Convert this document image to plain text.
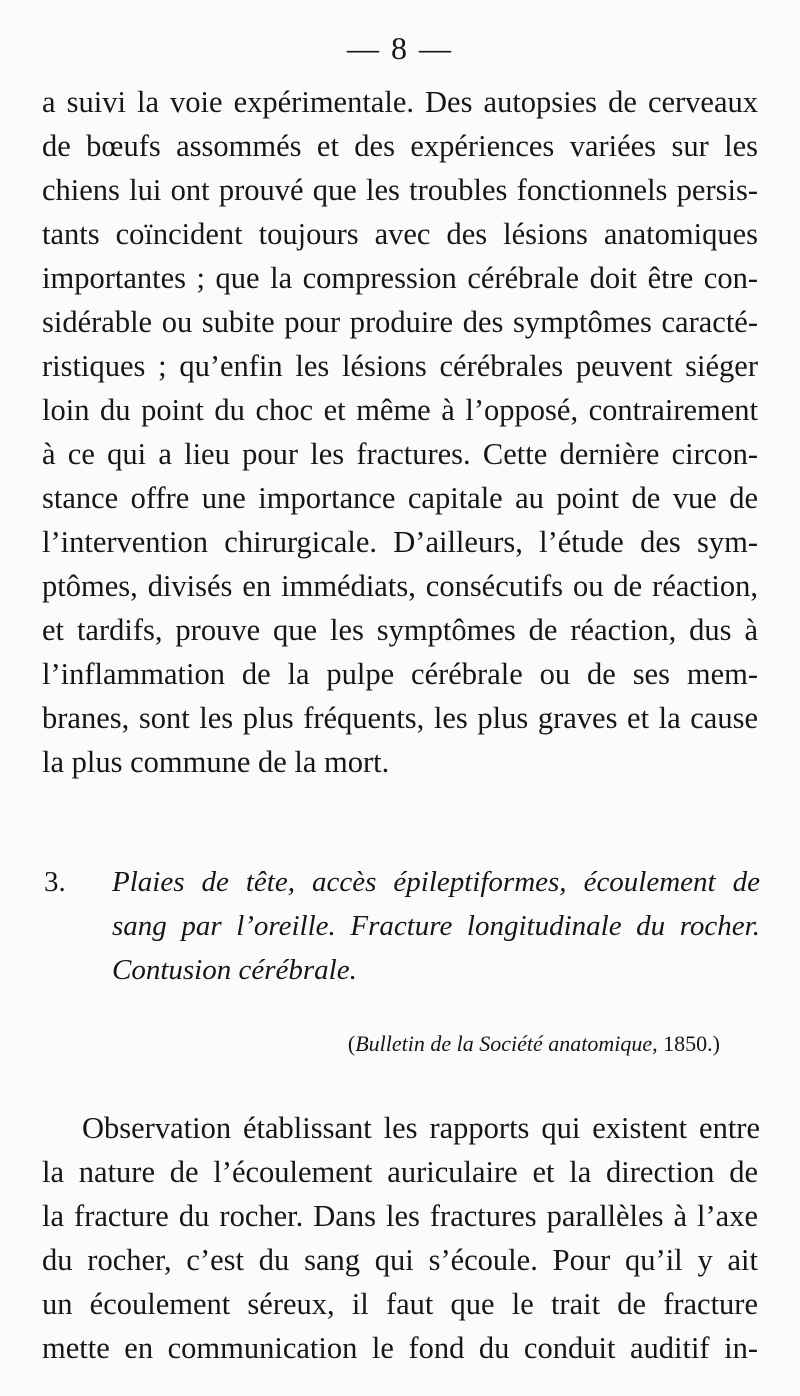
— 8 —
a suivi la voie expérimentale. Des autopsies de cerveaux
de bœufs assommés et des expériences variées sur les
chiens lui ont prouvé que les troubles fonctionnels persis-
tants coïncident toujours avec des lésions anatomiques
importantes ; que la compression cérébrale doit être con-
sidérable ou subite pour produire des symptômes caracté-
ristiques ; qu’enfin les lésions cérébrales peuvent siéger
loin du point du choc et même à l’opposé, contrairement
à ce qui a lieu pour les fractures. Cette dernière circon-
stance offre une importance capitale au point de vue de
l’intervention chirurgicale. D’ailleurs, l’étude des sym-
ptômes, divisés en immédiats, consécutifs ou de réaction,
et tardifs, prouve que les symptômes de réaction, dus à
l’inflammation de la pulpe cérébrale ou de ses mem-
branes, sont les plus fréquents, les plus graves et la cause
la plus commune de la mort.
3. Plaies de tête, accès épileptiformes, écoulement de
sang par l’oreille. Fracture longitudinale du rocher.
Contusion cérébrale.
(Bulletin de la Société anatomique, 1850.)
Observation établissant les rapports qui existent entre
la nature de l’écoulement auriculaire et la direction de
la fracture du rocher. Dans les fractures parallèles à l’axe
du rocher, c’est du sang qui s’écoule. Pour qu’il y ait
un écoulement séreux, il faut que le trait de fracture
mette en communication le fond du conduit auditif in-
